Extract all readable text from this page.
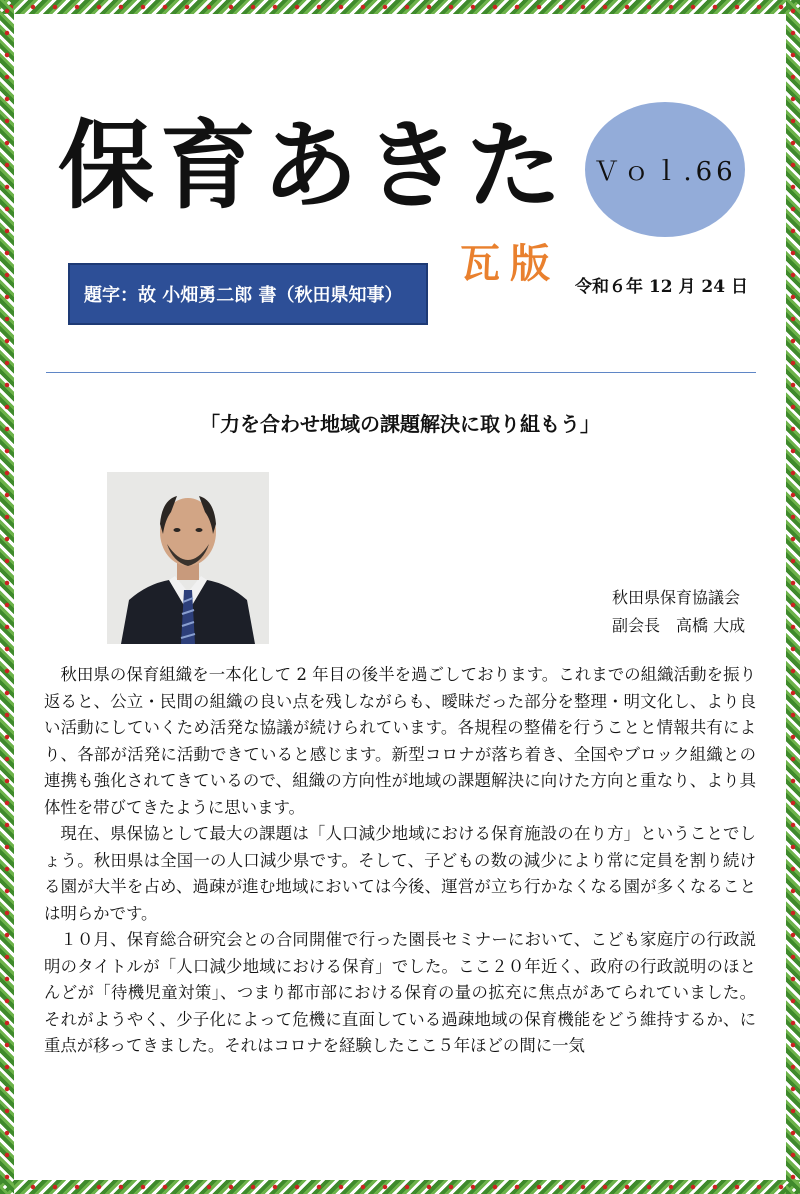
保育あきた Ｖｏｌ.66
瓦版
題字：故 小畑勇二郎 書（秋田県知事）	令和６年 12 月 24 日
「力を合わせ地域の課題解決に取り組もう」
秋田県保育協議会
副会長　高橋 大成

秋田県の保育組織を一本化して 2 年目の後半を過ごしております。これまでの組織活動を振り返ると、公立・民間の組織の良い点を残しながらも、曖昧だった部分を整理・明文化し、より良い活動にしていくため活発な協議が続けられています。各規程の整備を行うことと情報共有により、各部が活発に活動できていると感じます。新型コロナが落ち着き、全国やブロック組織との連携も強化されてきているので、組織の方向性が地域の課題解決に向けた方向と重なり、より具体性を帯びてきたように思います。

現在、県保協として最大の課題は「人口減少地域における保育施設の在り方」ということでしょう。秋田県は全国一の人口減少県です。そして、子どもの数の減少により常に定員を割り続ける園が大半を占め、過疎が進む地域においては今後、運営が立ち行かなくなる園が多くなることは明らかです。

１０月、保育総合研究会との合同開催で行った園長セミナーにおいて、こども家庭庁の行政説明のタイトルが「人口減少地域における保育」でした。ここ２０年近く、政府の行政説明のほとんどが「待機児童対策」、つまり都市部における保育の量の拡充に焦点があてられていました。それがようやく、少子化によって危機に直面している過疎地域の保育機能をどう維持するか、に重点が移ってきました。それはコロナを経験したここ５年ほどの間に一気
